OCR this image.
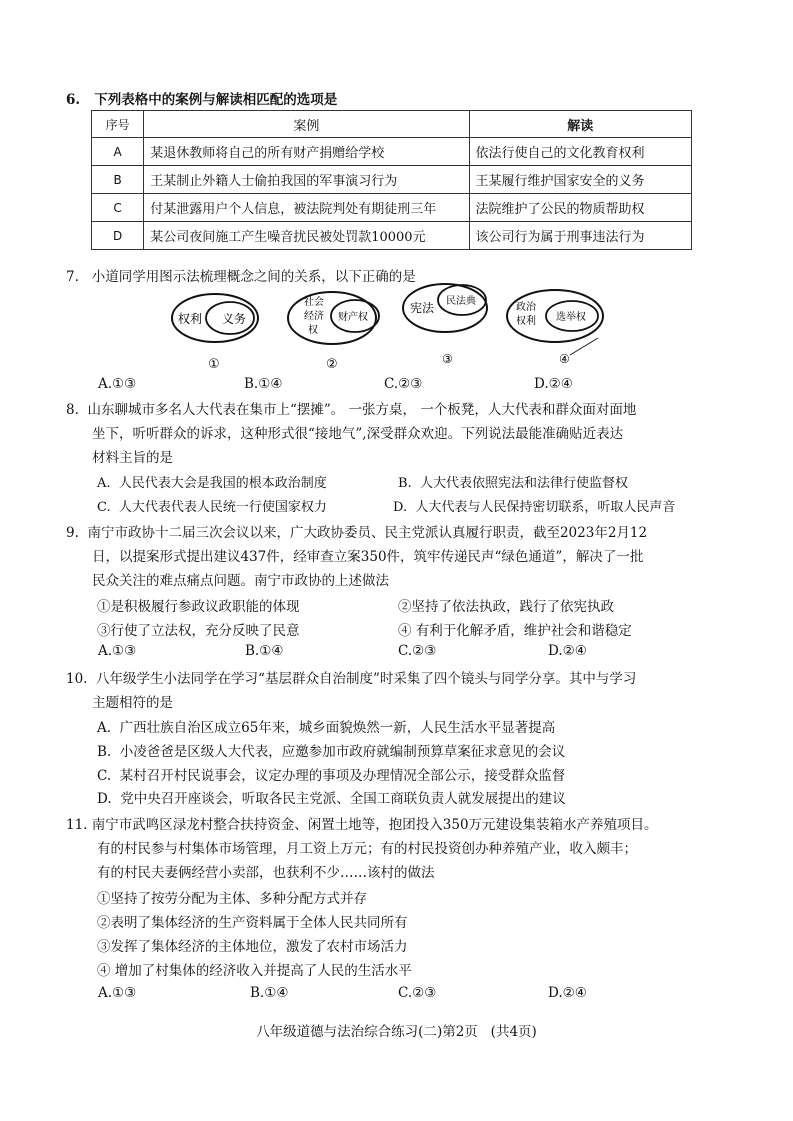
6.   下列表格中的案例与解读相匹配的选项是
序号	案例	解读
A	某退休教师将自己的所有财产捐赠给学校	依法行使自己的文化教育权利
B	王某制止外籍人士偷拍我国的军事演习行为	王某履行维护国家安全的义务
C	付某泄露用户个人信息，被法院判处有期徒刑三年	法院维护了公民的物质帮助权
D	某公司夜间施工产生噪音扰民被处罚款10000元	该公司行为属于刑事违法行为
7.   小道同学用图示法梳理概念之间的关系，以下正确的是
权利 义务
①
社会
经济
权
财产权
②
宪法 民法典
③
政治
权利 选举权
④
A.①③	B.①④	C.②③	D.②④
8.  山东聊城市多名人大代表在集市上“摆摊”。 一张方桌， 一个板凳，人大代表和群众面对面地
坐下，听听群众的诉求，这种形式很“接地气”,深受群众欢迎。下列说法最能准确贴近表达
材料主旨的是
A.  人民代表大会是我国的根本政治制度	B.  人大代表依照宪法和法律行使监督权
C.  人大代表代表人民统一行使国家权力	D.  人大代表与人民保持密切联系，听取人民声音
9.  南宁市政协十二届三次会议以来，广大政协委员、民主党派认真履行职责，截至2023年2月12
日，以提案形式提出建议437件，经审查立案350件，筑牢传递民声“绿色通道”，解决了一批
民众关注的难点痛点问题。南宁市政协的上述做法
①是积极履行参政议政职能的体现	②坚持了依法执政，践行了依宪执政
③行使了立法权，充分反映了民意	④ 有利于化解矛盾，维护社会和谐稳定
A.①③	B.①④	C.②③	D.②④
10.  八年级学生小法同学在学习“基层群众自治制度”时采集了四个镜头与同学分享。其中与学习
主题相符的是
A.  广西壮族自治区成立65年来，城乡面貌焕然一新，人民生活水平显著提高
B.  小凌爸爸是区级人大代表，应邀参加市政府就编制预算草案征求意见的会议
C.  某村召开村民说事会，议定办理的事项及办理情况全部公示，接受群众监督
D.  党中央召开座谈会，听取各民主党派、全国工商联负责人就发展提出的建议
11. 南宁市武鸣区渌龙村整合扶持资金、闲置土地等，抱团投入350万元建设集装箱水产养殖项目。
有的村民参与村集体市场管理，月工资上万元；有的村民投资创办种养殖产业，收入颇丰；
有的村民夫妻俩经营小卖部，也获利不少……该村的做法
①坚持了按劳分配为主体、多种分配方式并存
②表明了集体经济的生产资料属于全体人民共同所有
③发挥了集体经济的主体地位，激发了农村市场活力
④ 增加了村集体的经济收入并提高了人民的生活水平
A.①③	B.①④	C.②③	D.②④
八年级道德与法治综合练习(二)第2页   (共4页)
